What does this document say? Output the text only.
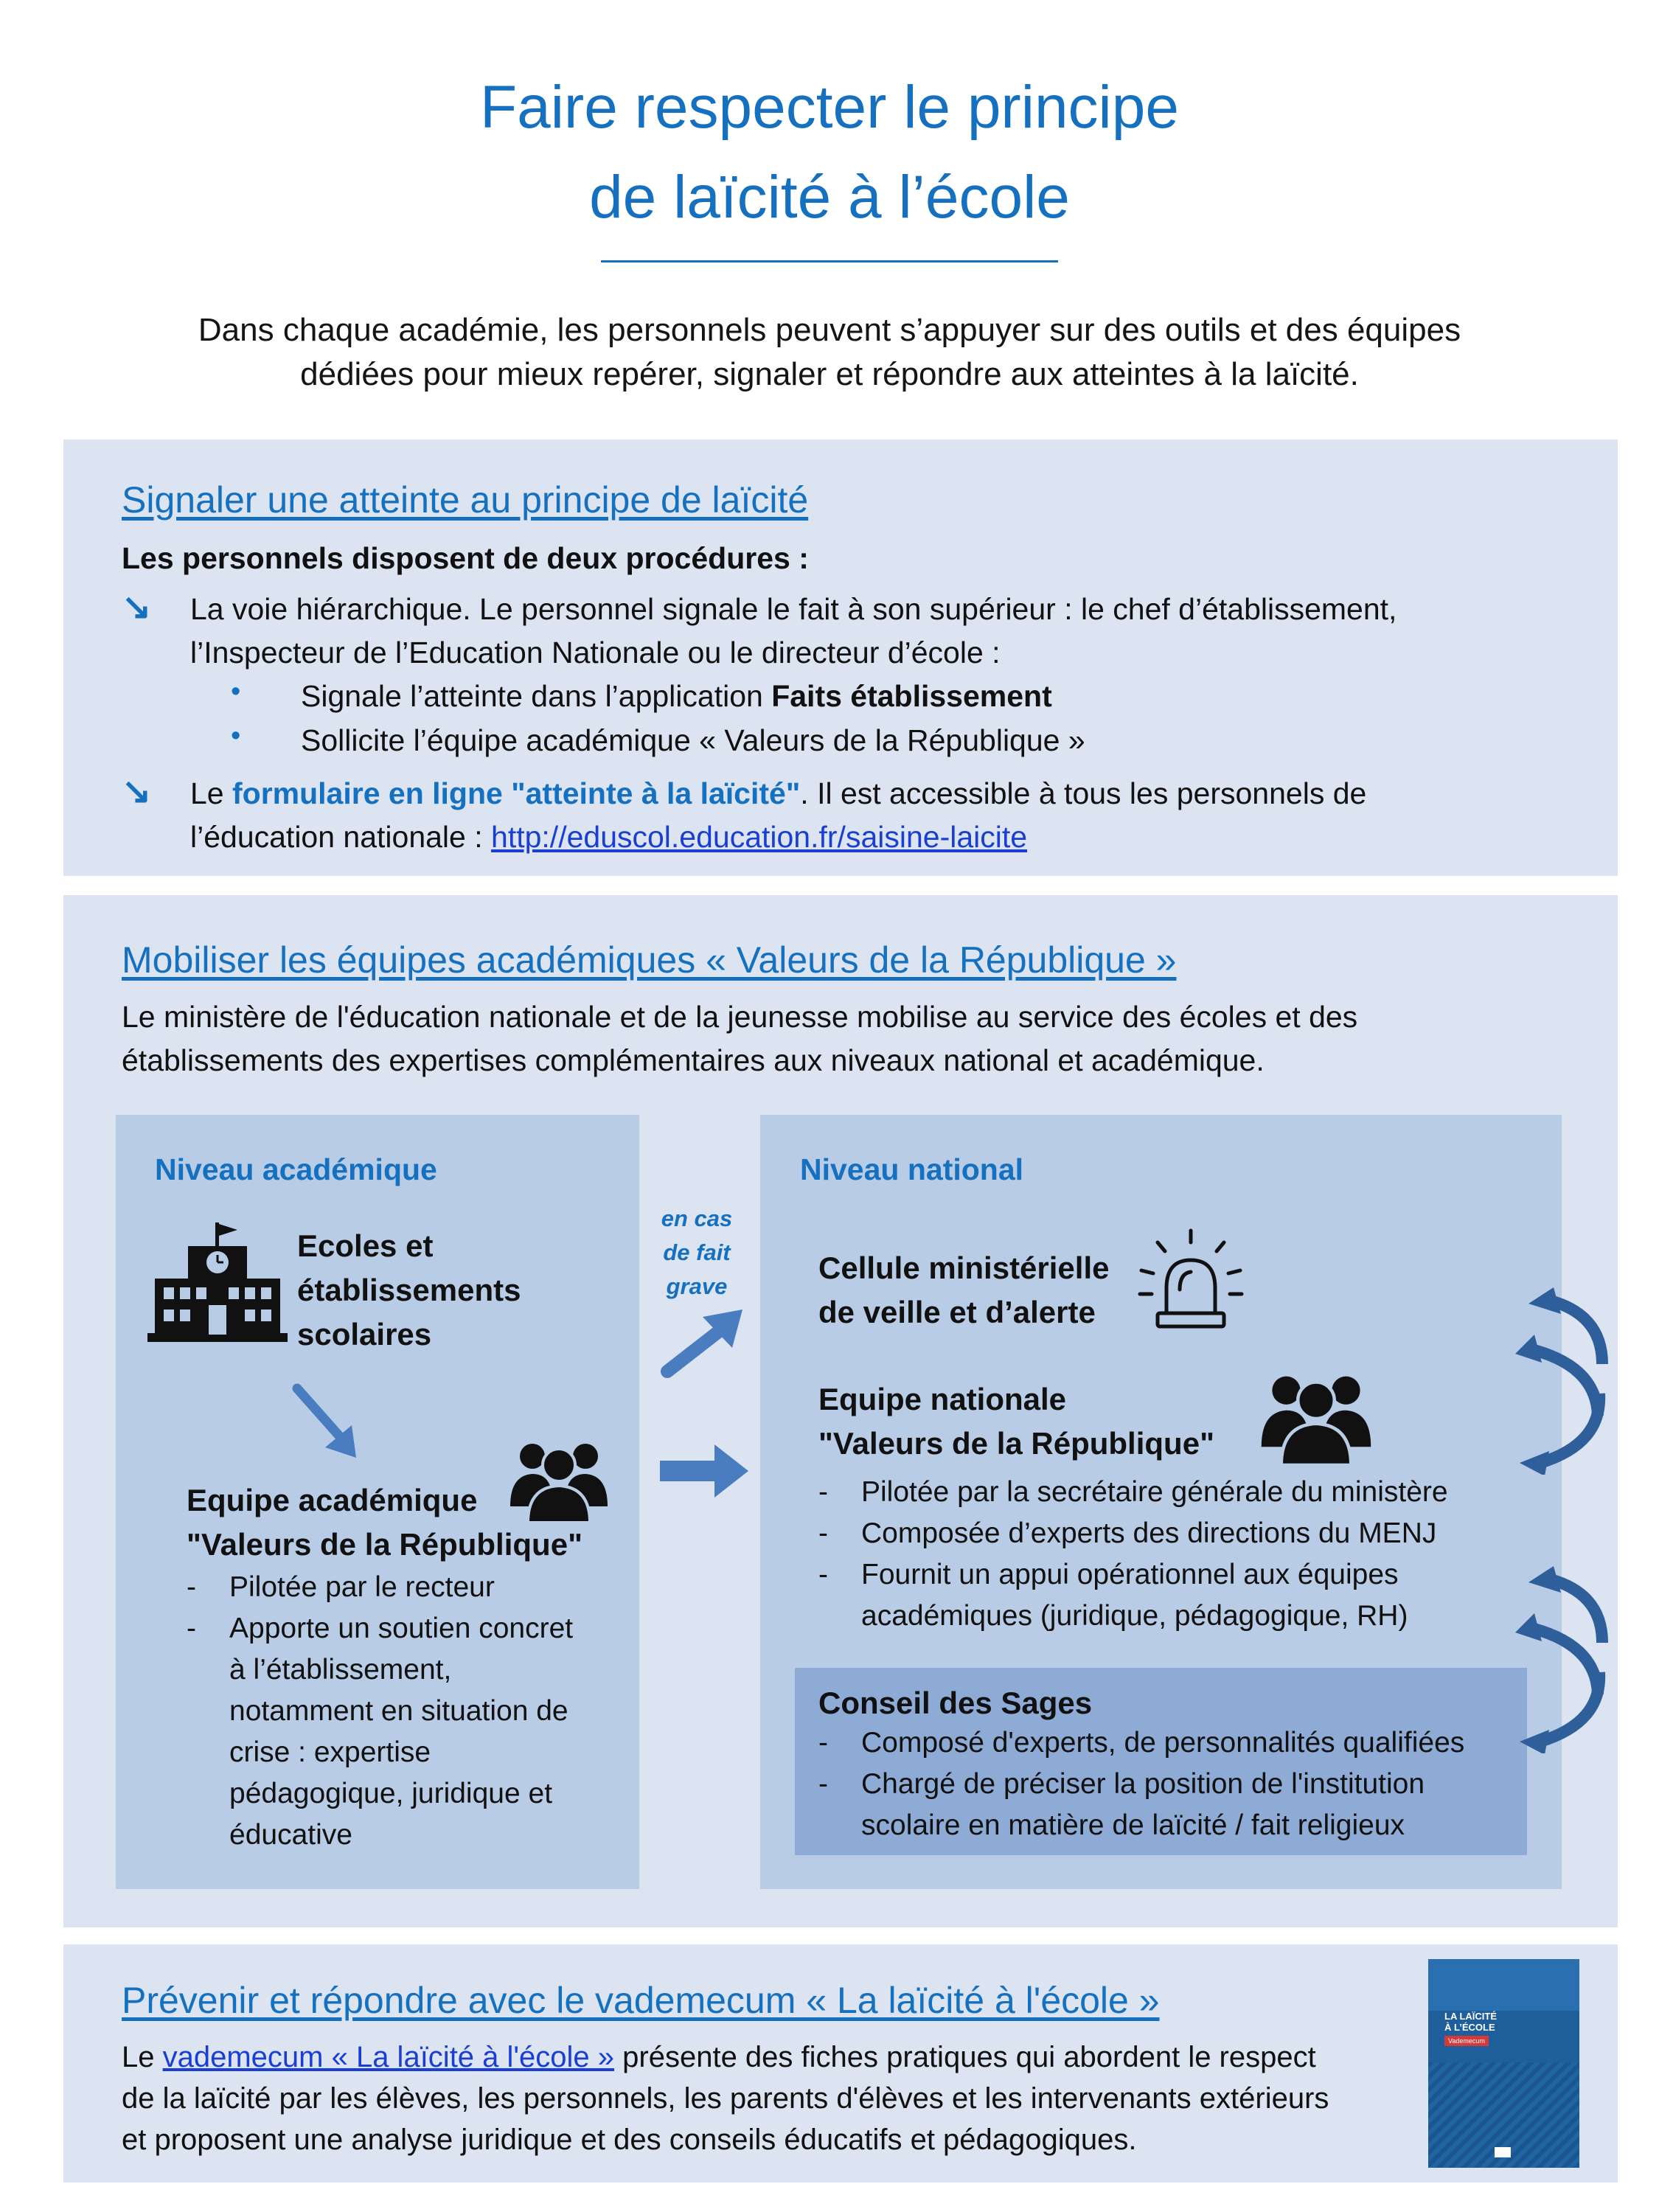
Faire respecter le principe
de laïcité à l’école
Dans chaque académie, les personnels peuvent s’appuyer sur des outils et des équipes
dédiées pour mieux repérer, signaler et répondre aux atteintes à la laïcité.
Signaler une atteinte au principe de laïcité
Les personnels disposent de deux procédures :
↘ La voie hiérarchique. Le personnel signale le fait à son supérieur : le chef d’établissement,
l’Inspecteur de l’Education Nationale ou le directeur d’école :
• Signale l’atteinte dans l’application Faits établissement
• Sollicite l’équipe académique « Valeurs de la République »
↘ Le formulaire en ligne "atteinte à la laïcité". Il est accessible à tous les personnels de
l’éducation nationale : http://eduscol.education.fr/saisine-laicite
Mobiliser les équipes académiques « Valeurs de la République »
Le ministère de l'éducation nationale et de la jeunesse mobilise au service des écoles et des
établissements des expertises complémentaires aux niveaux national et académique.
Niveau académique
Ecoles et
établissements
scolaires
Equipe académique
"Valeurs de la République"
-	Pilotée par le recteur
-	Apporte un soutien concret
à l’établissement,
notamment en situation de
crise : expertise
pédagogique, juridique et
éducative
en cas
de fait
grave
Niveau national
Cellule ministérielle
de veille et d’alerte
Equipe nationale
"Valeurs de la République"
-	Pilotée par la secrétaire générale du ministère
-	Composée d’experts des directions du MENJ
-	Fournit un appui opérationnel aux équipes
académiques (juridique, pédagogique, RH)
Conseil des Sages
-	Composé d'experts, de personnalités qualifiées
-	Chargé de préciser la position de l'institution
scolaire en matière de laïcité / fait religieux
Prévenir et répondre avec le vademecum « La laïcité à l'école »
Le vademecum « La laïcité à l'école » présente des fiches pratiques qui abordent le respect
de la laïcité par les élèves, les personnels, les parents d'élèves et les intervenants extérieurs
et proposent une analyse juridique et des conseils éducatifs et pédagogiques.
LA LAÏCITÉ
À L’ÉCOLE
Vademecum
